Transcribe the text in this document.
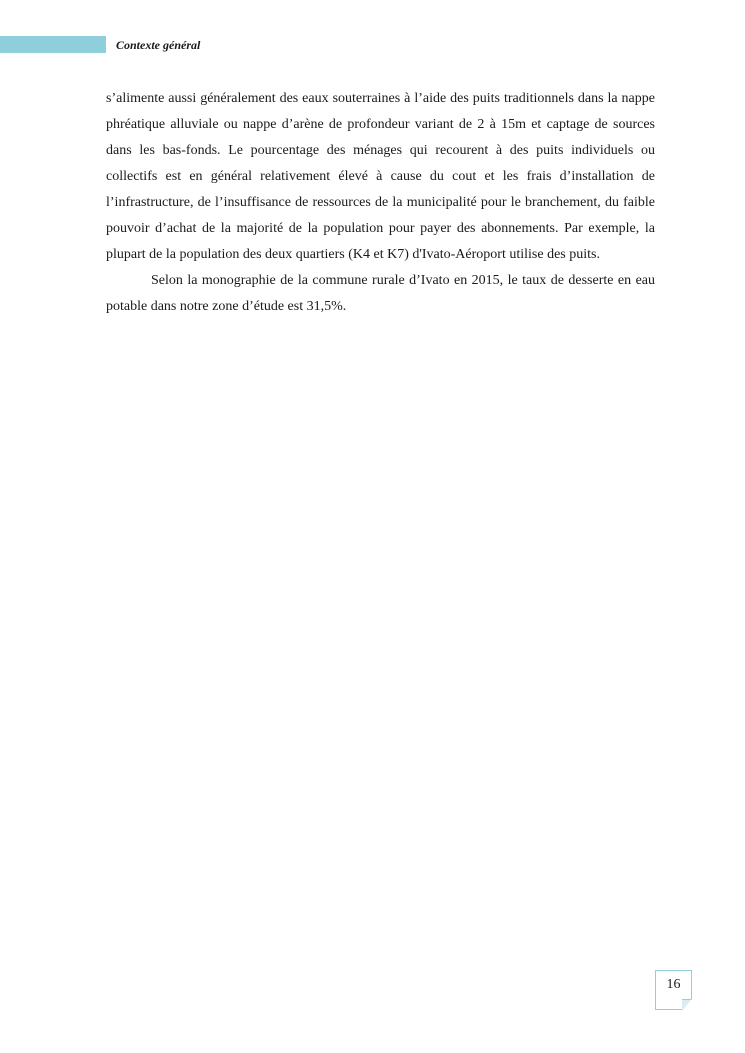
Contexte général

s’alimente aussi généralement des eaux souterraines à l’aide des puits traditionnels dans la nappe phréatique alluviale ou nappe d’arène de profondeur variant de 2 à 15m et captage de sources dans les bas-fonds. Le pourcentage des ménages qui recourent à des puits individuels ou collectifs est en général relativement élevé à cause du cout et les frais d’installation de l’infrastructure, de l’insuffisance de ressources de la municipalité pour le branchement, du faible pouvoir d’achat de la majorité de la population pour payer des abonnements. Par exemple, la plupart de la population des deux quartiers (K4 et K7) d'Ivato-Aéroport utilise des puits.

Selon la monographie de la commune rurale d’Ivato en 2015, le taux de desserte en eau potable dans notre zone d’étude est 31,5%.

16
